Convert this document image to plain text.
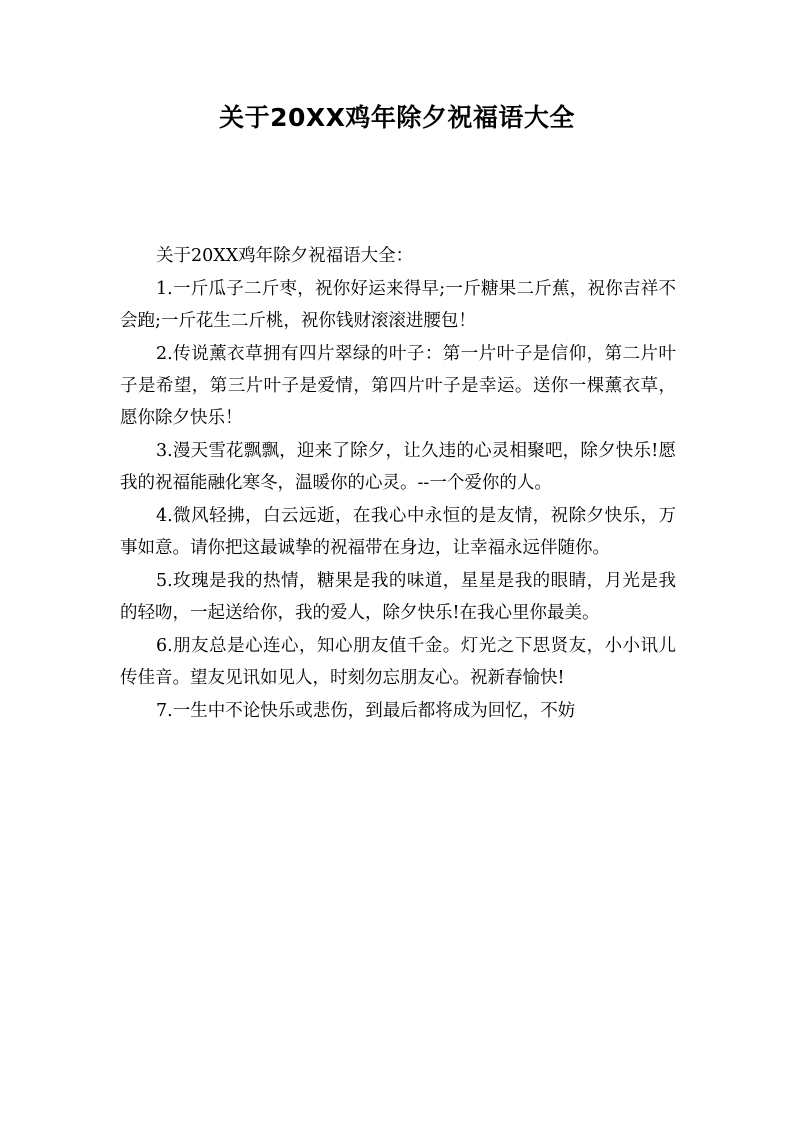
关于20XX鸡年除夕祝福语大全

关于20XX鸡年除夕祝福语大全：

1.一斤瓜子二斤枣，祝你好运来得早;一斤糖果二斤蕉，祝你吉祥不会跑;一斤花生二斤桃，祝你钱财滚滚进腰包！

2.传说薰衣草拥有四片翠绿的叶子：第一片叶子是信仰，第二片叶子是希望，第三片叶子是爱情，第四片叶子是幸运。送你一棵薰衣草，愿你除夕快乐！

3.漫天雪花飘飘，迎来了除夕，让久违的心灵相聚吧，除夕快乐!愿我的祝福能融化寒冬，温暖你的心灵。--一个爱你的人。

4.微风轻拂，白云远逝，在我心中永恒的是友情，祝除夕快乐，万事如意。请你把这最诚挚的祝福带在身边，让幸福永远伴随你。

5.玫瑰是我的热情，糖果是我的味道，星星是我的眼睛，月光是我的轻吻，一起送给你，我的爱人，除夕快乐!在我心里你最美。

6.朋友总是心连心，知心朋友值千金。灯光之下思贤友，小小讯儿传佳音。望友见讯如见人，时刻勿忘朋友心。祝新春愉快!

7.一生中不论快乐或悲伤，到最后都将成为回忆，不妨
